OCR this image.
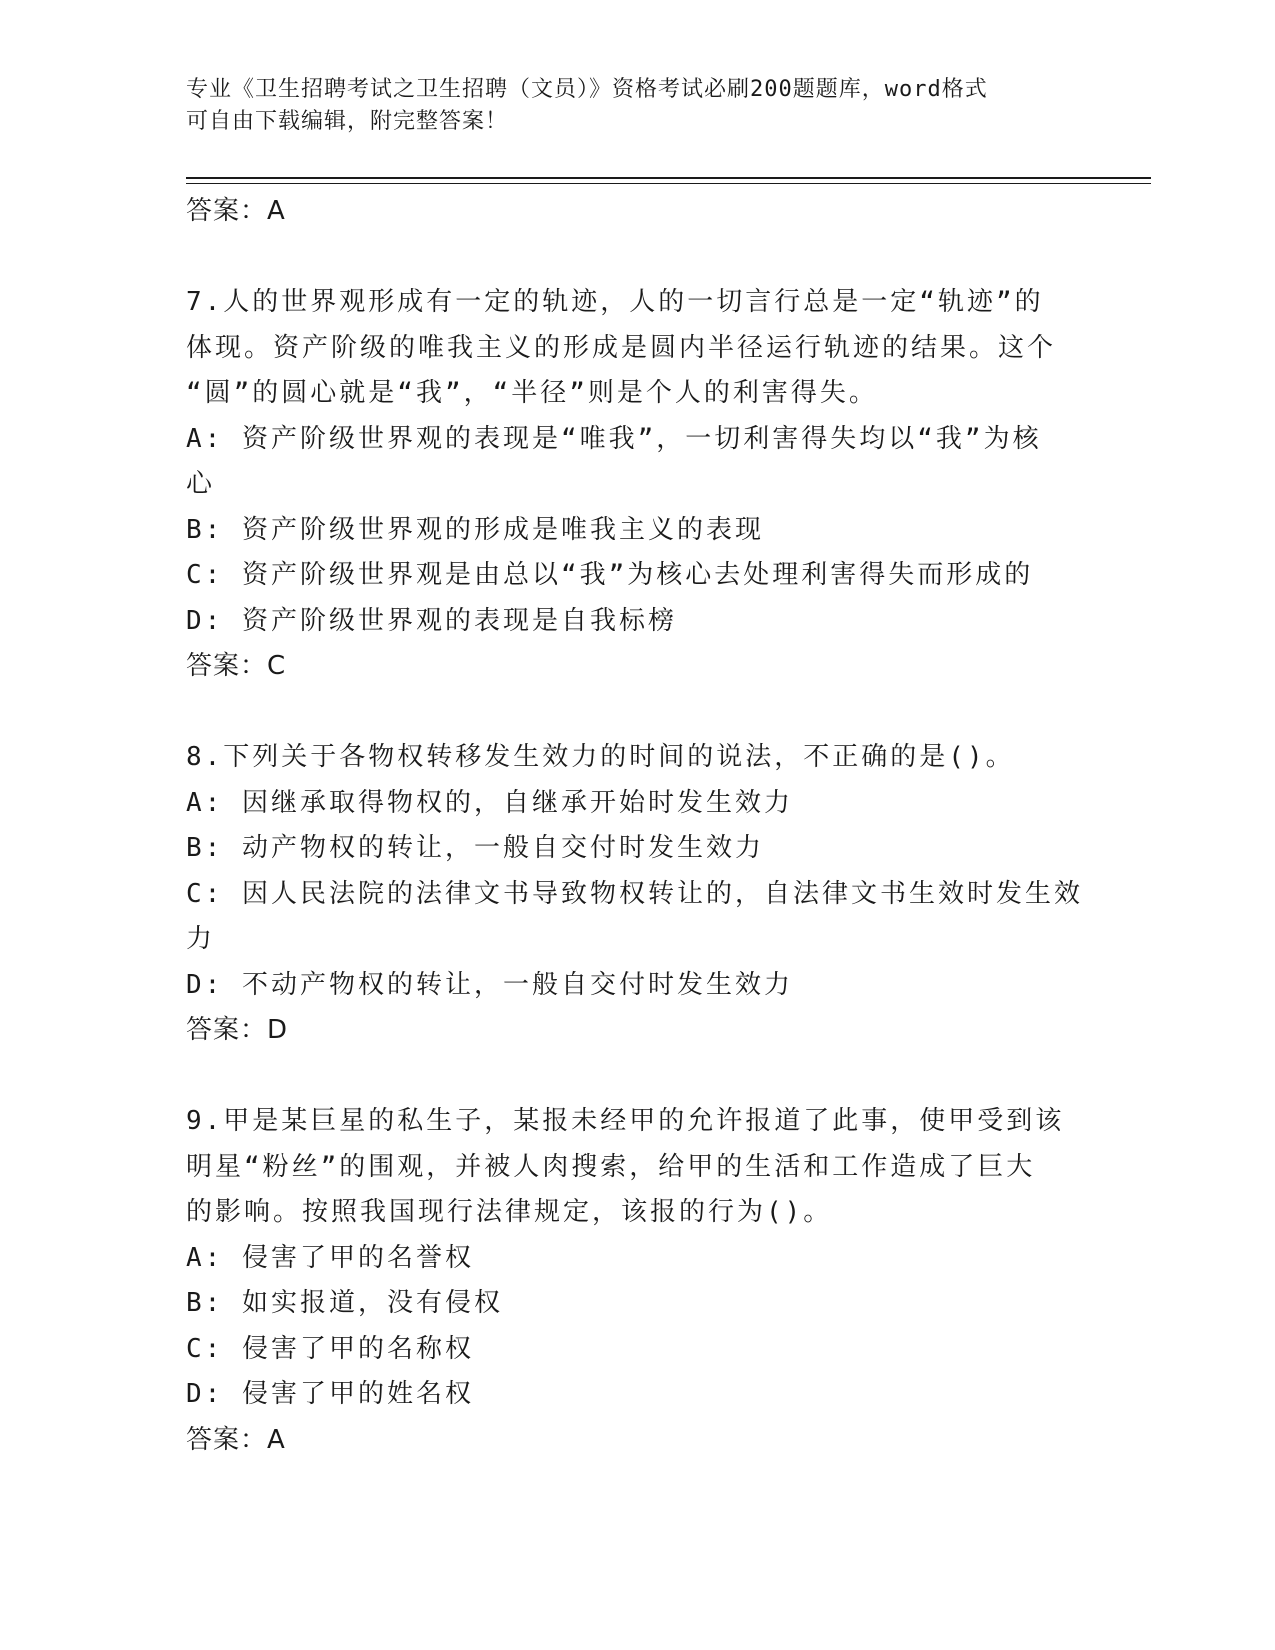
专业《卫生招聘考试之卫生招聘（文员）》资格考试必刷200题题库，word格式
可自由下载编辑，附完整答案！
答案：A
7.人的世界观形成有一定的轨迹，人的一切言行总是一定“轨迹”的
体现。资产阶级的唯我主义的形成是圆内半径运行轨迹的结果。这个
“圆”的圆心就是“我”，“半径”则是个人的利害得失。
A: 资产阶级世界观的表现是“唯我”，一切利害得失均以“我”为核
心
B: 资产阶级世界观的形成是唯我主义的表现
C: 资产阶级世界观是由总以“我”为核心去处理利害得失而形成的
D: 资产阶级世界观的表现是自我标榜
答案：C
8.下列关于各物权转移发生效力的时间的说法，不正确的是()。
A: 因继承取得物权的，自继承开始时发生效力
B: 动产物权的转让，一般自交付时发生效力
C: 因人民法院的法律文书导致物权转让的，自法律文书生效时发生效
力
D: 不动产物权的转让，一般自交付时发生效力
答案：D
9.甲是某巨星的私生子，某报未经甲的允许报道了此事，使甲受到该
明星“粉丝”的围观，并被人肉搜索，给甲的生活和工作造成了巨大
的影响。按照我国现行法律规定，该报的行为()。
A: 侵害了甲的名誉权
B: 如实报道，没有侵权
C: 侵害了甲的名称权
D: 侵害了甲的姓名权
答案：A
